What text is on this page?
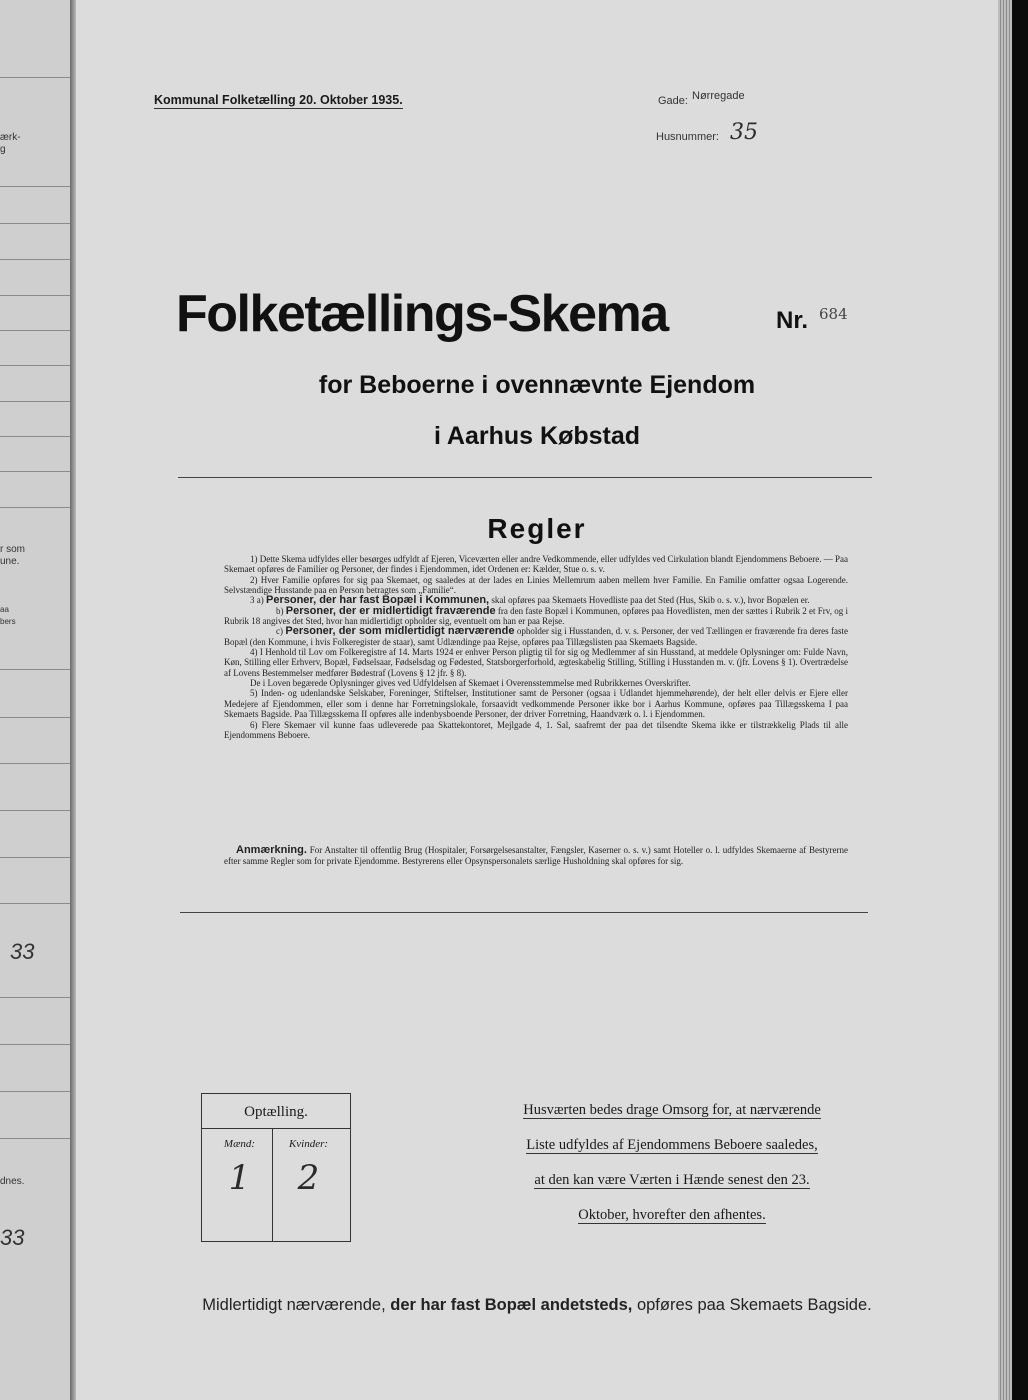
ærk-
g
r som
une.
aa
bers
33
dnes.
33
Kommunal Folketælling 20. Oktober 1935.	Gade: Nørregade
Husnummer: 35
Folketællings-Skema	Nr. 684
for Beboerne i ovennævnte Ejendom
i Aarhus Købstad
Regler

1) Dette Skema udfyldes eller besørges udfyldt af Ejeren, Viceværten eller andre Vedkommende, eller udfyldes ved Cirkulation blandt Ejendommens Beboere. — Paa Skemaet opføres de Familier og Personer, der findes i Ejendommen, idet Ordenen er: Kælder, Stue o. s. v.

2) Hver Familie opføres for sig paa Skemaet, og saaledes at der lades en Linies Mellemrum aaben mellem hver Familie. En Familie omfatter ogsaa Logerende. Selvstændige Husstande paa en Person betragtes som „Familie“.

3 a) Personer, der har fast Bopæl i Kommunen, skal opføres paa Skemaets Hovedliste paa det Sted (Hus, Skib o. s. v.), hvor Bopælen er.

b) Personer, der er midlertidigt fraværende fra den faste Bopæl i Kommunen, opføres paa Hovedlisten, men der sættes i Rubrik 2 et Frv, og i Rubrik 18 angives det Sted, hvor han midlertidigt opholder sig, eventuelt om han er paa Rejse.

c) Personer, der som midlertidigt nærværende opholder sig i Husstanden, d. v. s. Personer, der ved Tællingen er fraværende fra deres faste Bopæl (den Kommune, i hvis Folkeregister de staar), samt Udlændinge paa Rejse, opføres paa Tillægslisten paa Skemaets Bagside.

4) I Henhold til Lov om Folkeregistre af 14. Marts 1924 er enhver Person pligtig til for sig og Medlemmer af sin Husstand, at meddele Oplysninger om: Fulde Navn, Køn, Stilling eller Erhverv, Bopæl, Fødselsaar, Fødselsdag og Fødested, Statsborgerforhold, ægteskabelig Stilling, Stilling i Husstanden m. v. (jfr. Lovens § 1). Overtrædelse af Lovens Bestemmelser medfører Bødestraf (Lovens § 12 jfr. § 8).

De i Loven begærede Oplysninger gives ved Udfyldelsen af Skemaet i Overensstemmelse med Rubrikkernes Overskrifter.

5) Inden- og udenlandske Selskaber, Foreninger, Stiftelser, Institutioner samt de Personer (ogsaa i Udlandet hjemmehørende), der helt eller delvis er Ejere eller Medejere af Ejendommen, eller som i denne har Forretningslokale, forsaavidt vedkommende Personer ikke bor i Aarhus Kommune, opføres paa Tillægsskema I paa Skemaets Bagside. Paa Tillægsskema II opføres alle indenbysboende Personer, der driver Forretning, Haandværk o. l. i Ejendommen.

6) Flere Skemaer vil kunne faas udleverede paa Skattekontoret, Mejlgade 4, 1. Sal, saafremt der paa det tilsendte Skema ikke er tilstrækkelig Plads til alle Ejendommens Beboere.

Anmærkning. For Anstalter til offentlig Brug (Hospitaler, Forsørgelsesanstalter, Fængsler, Kaserner o. s. v.) samt Hoteller o. l. udfyldes Skemaerne af Bestyrerne efter samme Regler som for private Ejendomme. Bestyrerens eller Opsynspersonalets særlige Husholdning skal opføres for sig.
Optælling.
Mænd:
1
Kvinder:
2
Husværten bedes drage Omsorg for, at nærværende
Liste udfyldes af Ejendommens Beboere saaledes,
at den kan være Værten i Hænde senest den 23.
Oktober, hvorefter den afhentes.
Midlertidigt nærværende, der har fast Bopæl andetsteds, opføres paa Skemaets Bagside.
